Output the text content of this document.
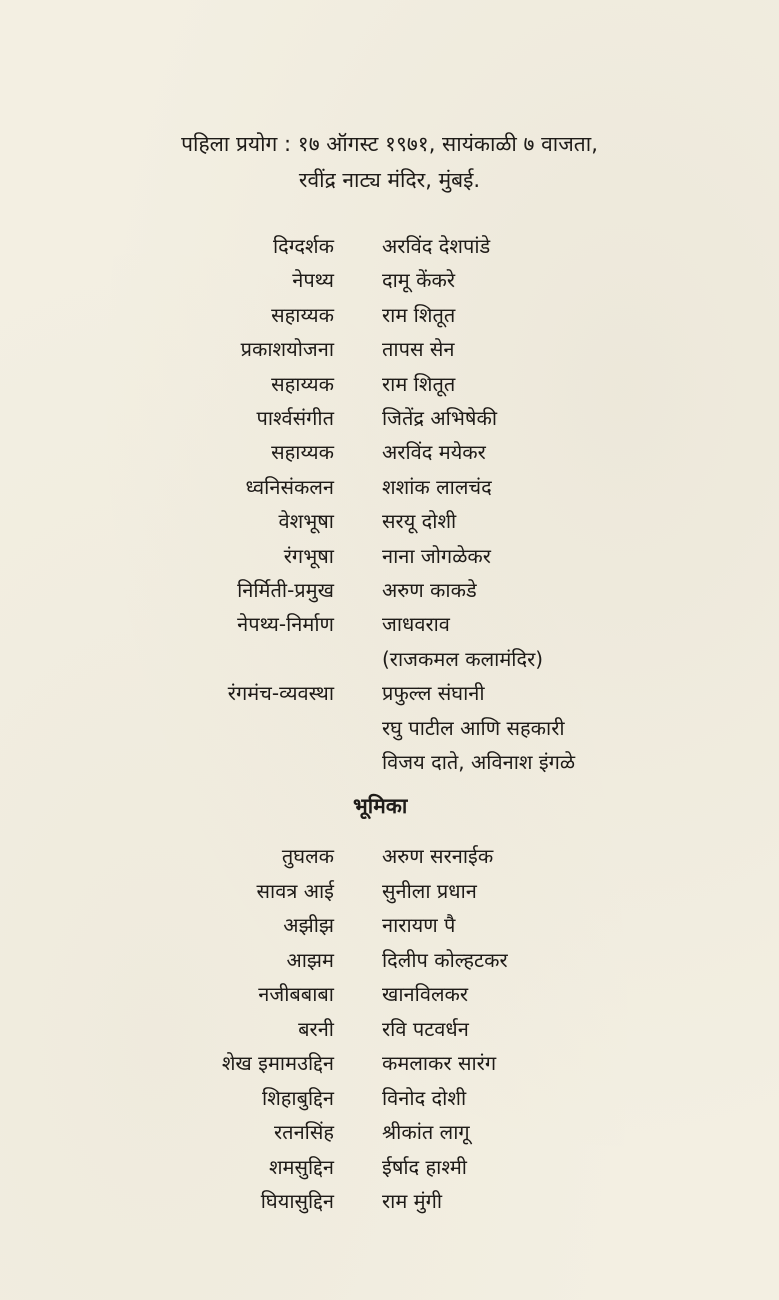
पहिला प्रयोग : १७ ऑगस्ट १९७१, सायंकाळी ७ वाजता,
रवींद्र नाट्य मंदिर, मुंबई.
दिग्दर्शक अरविंद देशपांडे
नेपथ्य दामू केंकरे
सहाय्यक राम शितूत
प्रकाशयोजना तापस सेन
सहाय्यक राम शितूत
पार्श्वसंगीत जितेंद्र अभिषेकी
सहाय्यक अरविंद मयेकर
ध्वनिसंकलन शशांक लालचंद
वेशभूषा सरयू दोशी
रंगभूषा नाना जोगळेकर
निर्मिती-प्रमुख अरुण काकडे
नेपथ्य-निर्माण जाधवराव
(राजकमल कलामंदिर)
रंगमंच-व्यवस्था प्रफुल्ल संघानी
रघु पाटील आणि सहकारी
विजय दाते, अविनाश इंगळे
भूमिका
तुघलक अरुण सरनाईक
सावत्र आई सुनीला प्रधान
अझीझ नारायण पै
आझम दिलीप कोल्हटकर
नजीबबाबा खानविलकर
बरनी रवि पटवर्धन
शेख इमामउद्दिन कमलाकर सारंग
शिहाबुद्दिन विनोद दोशी
रतनसिंह श्रीकांत लागू
शमसुद्दिन ईर्षाद हाश्मी
घियासुद्दिन राम मुंगी
